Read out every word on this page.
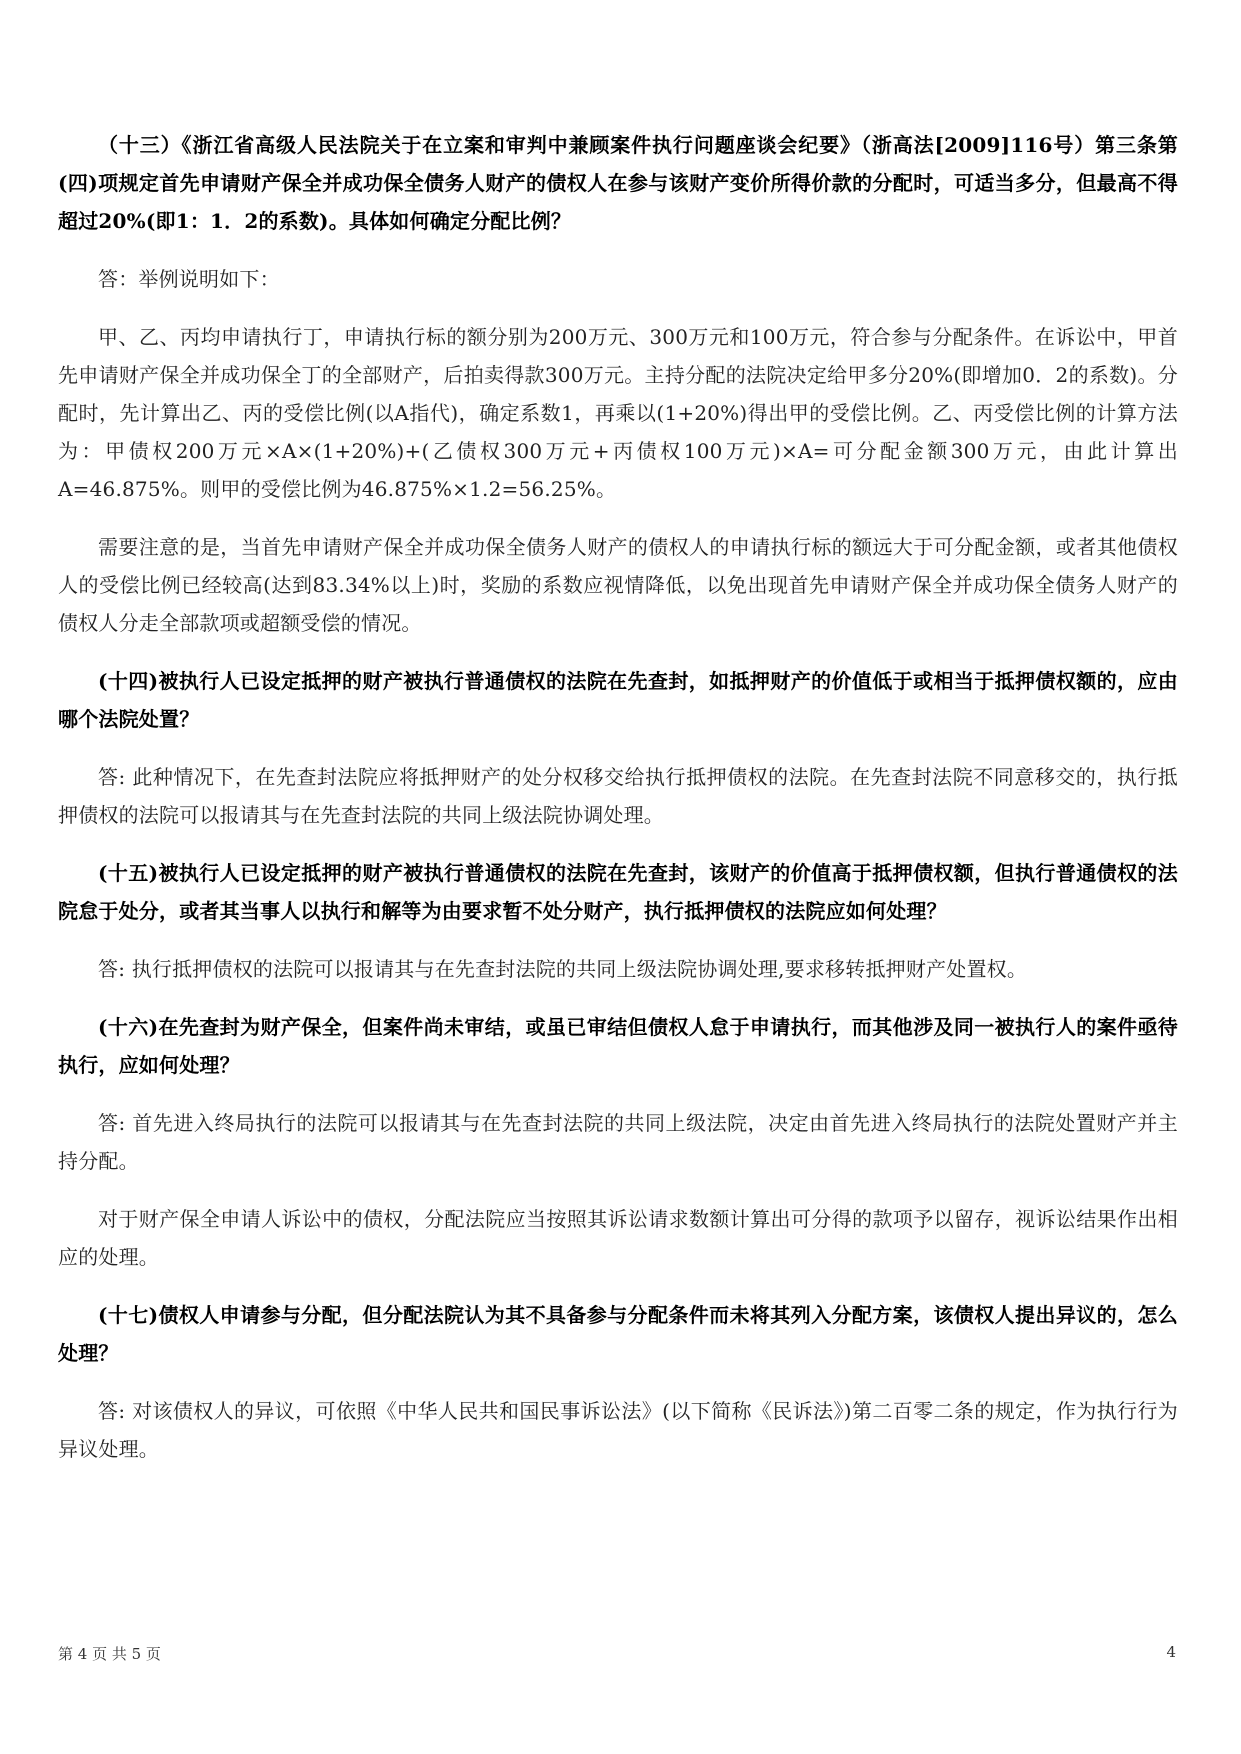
（十三）《浙江省高级人民法院关于在立案和审判中兼顾案件执行问题座谈会纪要》（浙高法[2009]116号）第三条第(四)项规定首先申请财产保全并成功保全债务人财产的债权人在参与该财产变价所得价款的分配时，可适当多分，但最高不得超过20%(即1：1．2的系数)。具体如何确定分配比例？

答：举例说明如下：

甲、乙、丙均申请执行丁，申请执行标的额分别为200万元、300万元和100万元，符合参与分配条件。在诉讼中，甲首先申请财产保全并成功保全丁的全部财产，后拍卖得款300万元。主持分配的法院决定给甲多分20%(即增加0．2的系数)。分配时，先计算出乙、丙的受偿比例(以A指代)，确定系数1，再乘以(1+20%)得出甲的受偿比例。乙、丙受偿比例的计算方法为：甲债权200万元×A×(1+20%)+(乙债权300万元+丙债权100万元)×A=可分配金额300万元，由此计算出A=46.875%。则甲的受偿比例为46.875%×1.2=56.25%。

需要注意的是，当首先申请财产保全并成功保全债务人财产的债权人的申请执行标的额远大于可分配金额，或者其他债权人的受偿比例已经较高(达到83.34%以上)时，奖励的系数应视情降低，以免出现首先申请财产保全并成功保全债务人财产的债权人分走全部款项或超额受偿的情况。

(十四)被执行人已设定抵押的财产被执行普通债权的法院在先查封，如抵押财产的价值低于或相当于抵押债权额的，应由哪个法院处置？

答: 此种情况下，在先查封法院应将抵押财产的处分权移交给执行抵押债权的法院。在先查封法院不同意移交的，执行抵押债权的法院可以报请其与在先查封法院的共同上级法院协调处理。

(十五)被执行人已设定抵押的财产被执行普通债权的法院在先查封，该财产的价值高于抵押债权额，但执行普通债权的法院怠于处分，或者其当事人以执行和解等为由要求暂不处分财产，执行抵押债权的法院应如何处理？

答: 执行抵押债权的法院可以报请其与在先查封法院的共同上级法院协调处理,要求移转抵押财产处置权。

(十六)在先查封为财产保全，但案件尚未审结，或虽已审结但债权人怠于申请执行，而其他涉及同一被执行人的案件亟待执行，应如何处理？

答: 首先进入终局执行的法院可以报请其与在先查封法院的共同上级法院，决定由首先进入终局执行的法院处置财产并主持分配。

对于财产保全申请人诉讼中的债权，分配法院应当按照其诉讼请求数额计算出可分得的款项予以留存，视诉讼结果作出相应的处理。

(十七)债权人申请参与分配，但分配法院认为其不具备参与分配条件而未将其列入分配方案，该债权人提出异议的，怎么处理？

答: 对该债权人的异议，可依照《中华人民共和国民事诉讼法》(以下简称《民诉法》)第二百零二条的规定，作为执行行为异议处理。

第 4 页 共 5 页	4
